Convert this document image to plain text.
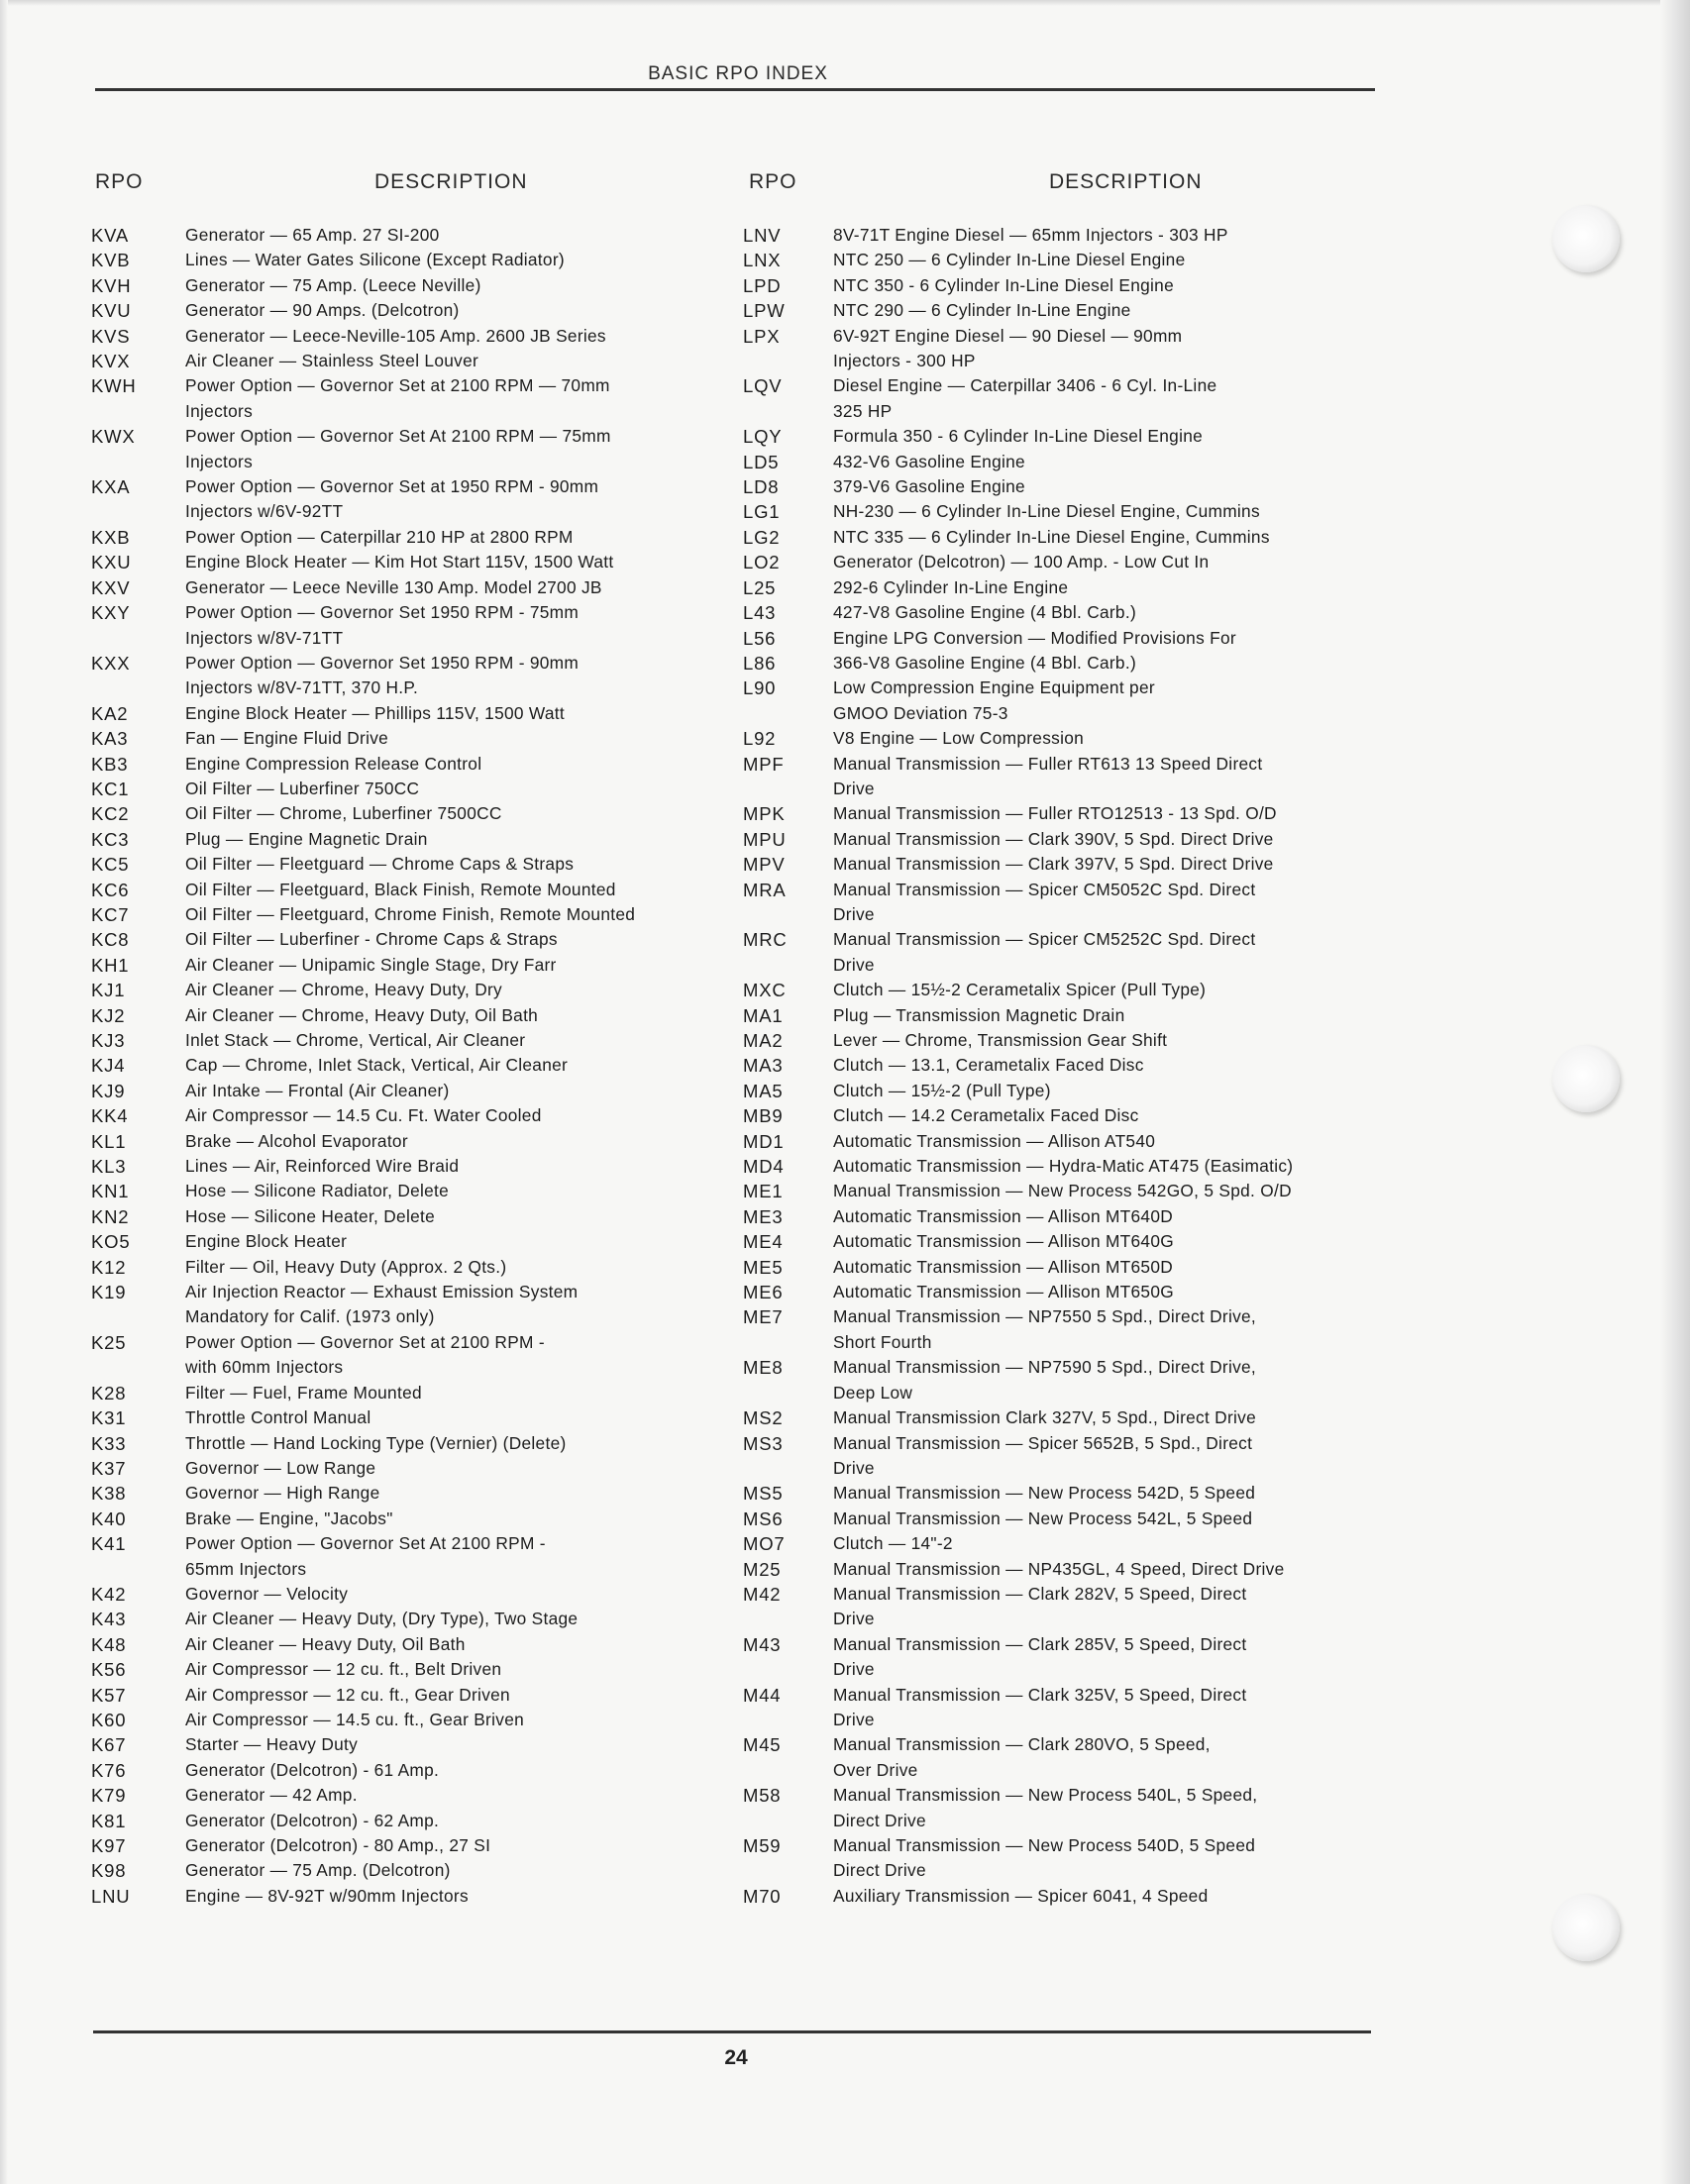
BASIC RPO INDEX
RPO	DESCRIPTION	RPO	DESCRIPTION
KVA	Generator — 65 Amp. 27 SI-200
KVB	Lines — Water Gates Silicone (Except Radiator)
KVH	Generator — 75 Amp. (Leece Neville)
KVU	Generator — 90 Amps. (Delcotron)
KVS	Generator — Leece-Neville-105 Amp. 2600 JB Series
KVX	Air Cleaner — Stainless Steel Louver
KWH	Power Option — Governor Set at 2100 RPM — 70mm
Injectors
KWX	Power Option — Governor Set At 2100 RPM — 75mm
Injectors
KXA	Power Option — Governor Set at 1950 RPM - 90mm
Injectors w/6V-92TT
KXB	Power Option — Caterpillar 210 HP at 2800 RPM
KXU	Engine Block Heater — Kim Hot Start 115V, 1500 Watt
KXV	Generator — Leece Neville 130 Amp. Model 2700 JB
KXY	Power Option — Governor Set 1950 RPM - 75mm
Injectors w/8V-71TT
KXX	Power Option — Governor Set 1950 RPM - 90mm
Injectors w/8V-71TT, 370 H.P.
KA2	Engine Block Heater — Phillips 115V, 1500 Watt
KA3	Fan — Engine Fluid Drive
KB3	Engine Compression Release Control
KC1	Oil Filter — Luberfiner 750CC
KC2	Oil Filter — Chrome, Luberfiner 7500CC
KC3	Plug — Engine Magnetic Drain
KC5	Oil Filter — Fleetguard — Chrome Caps & Straps
KC6	Oil Filter — Fleetguard, Black Finish, Remote Mounted
KC7	Oil Filter — Fleetguard, Chrome Finish, Remote Mounted
KC8	Oil Filter — Luberfiner - Chrome Caps & Straps
KH1	Air Cleaner — Unipamic Single Stage, Dry Farr
KJ1	Air Cleaner — Chrome, Heavy Duty, Dry
KJ2	Air Cleaner — Chrome, Heavy Duty, Oil Bath
KJ3	Inlet Stack — Chrome, Vertical, Air Cleaner
KJ4	Cap — Chrome, Inlet Stack, Vertical, Air Cleaner
KJ9	Air Intake — Frontal (Air Cleaner)
KK4	Air Compressor — 14.5 Cu. Ft. Water Cooled
KL1	Brake — Alcohol Evaporator
KL3	Lines — Air, Reinforced Wire Braid
KN1	Hose — Silicone Radiator, Delete
KN2	Hose — Silicone Heater, Delete
KO5	Engine Block Heater
K12	Filter — Oil, Heavy Duty (Approx. 2 Qts.)
K19	Air Injection Reactor — Exhaust Emission System
Mandatory for Calif. (1973 only)
K25	Power Option — Governor Set at 2100 RPM -
with 60mm Injectors
K28	Filter — Fuel, Frame Mounted
K31	Throttle Control Manual
K33	Throttle — Hand Locking Type (Vernier) (Delete)
K37	Governor — Low Range
K38	Governor — High Range
K40	Brake — Engine, "Jacobs"
K41	Power Option — Governor Set At 2100 RPM -
65mm Injectors
K42	Governor — Velocity
K43	Air Cleaner — Heavy Duty, (Dry Type), Two Stage
K48	Air Cleaner — Heavy Duty, Oil Bath
K56	Air Compressor — 12 cu. ft., Belt Driven
K57	Air Compressor — 12 cu. ft., Gear Driven
K60	Air Compressor — 14.5 cu. ft., Gear Briven
K67	Starter — Heavy Duty
K76	Generator (Delcotron) - 61 Amp.
K79	Generator — 42 Amp.
K81	Generator (Delcotron) - 62 Amp.
K97	Generator (Delcotron) - 80 Amp., 27 SI
K98	Generator — 75 Amp. (Delcotron)
LNU	Engine — 8V-92T w/90mm Injectors
LNV	8V-71T Engine Diesel — 65mm Injectors - 303 HP
LNX	NTC 250 — 6 Cylinder In-Line Diesel Engine
LPD	NTC 350 - 6 Cylinder In-Line Diesel Engine
LPW	NTC 290 — 6 Cylinder In-Line Engine
LPX	6V-92T Engine Diesel — 90 Diesel — 90mm
Injectors - 300 HP
LQV	Diesel Engine — Caterpillar 3406 - 6 Cyl. In-Line
325 HP
LQY	Formula 350 - 6 Cylinder In-Line Diesel Engine
LD5	432-V6 Gasoline Engine
LD8	379-V6 Gasoline Engine
LG1	NH-230 — 6 Cylinder In-Line Diesel Engine, Cummins
LG2	NTC 335 — 6 Cylinder In-Line Diesel Engine, Cummins
LO2	Generator (Delcotron) — 100 Amp. - Low Cut In
L25	292-6 Cylinder In-Line Engine
L43	427-V8 Gasoline Engine (4 Bbl. Carb.)
L56	Engine LPG Conversion — Modified Provisions For
L86	366-V8 Gasoline Engine (4 Bbl. Carb.)
L90	Low Compression Engine Equipment per
GMOO Deviation 75-3
L92	V8 Engine — Low Compression
MPF	Manual Transmission — Fuller RT613 13 Speed Direct
Drive
MPK	Manual Transmission — Fuller RTO12513 - 13 Spd. O/D
MPU	Manual Transmission — Clark 390V, 5 Spd. Direct Drive
MPV	Manual Transmission — Clark 397V, 5 Spd. Direct Drive
MRA	Manual Transmission — Spicer CM5052C Spd. Direct
Drive
MRC	Manual Transmission — Spicer CM5252C Spd. Direct
Drive
MXC	Clutch — 15½-2 Cerametalix Spicer (Pull Type)
MA1	Plug — Transmission Magnetic Drain
MA2	Lever — Chrome, Transmission Gear Shift
MA3	Clutch — 13.1, Cerametalix Faced Disc
MA5	Clutch — 15½-2 (Pull Type)
MB9	Clutch — 14.2 Cerametalix Faced Disc
MD1	Automatic Transmission — Allison AT540
MD4	Automatic Transmission — Hydra-Matic AT475 (Easimatic)
ME1	Manual Transmission — New Process 542GO, 5 Spd. O/D
ME3	Automatic Transmission — Allison MT640D
ME4	Automatic Transmission — Allison MT640G
ME5	Automatic Transmission — Allison MT650D
ME6	Automatic Transmission — Allison MT650G
ME7	Manual Transmission — NP7550 5 Spd., Direct Drive,
Short Fourth
ME8	Manual Transmission — NP7590 5 Spd., Direct Drive,
Deep Low
MS2	Manual Transmission Clark 327V, 5 Spd., Direct Drive
MS3	Manual Transmission — Spicer 5652B, 5 Spd., Direct
Drive
MS5	Manual Transmission — New Process 542D, 5 Speed
MS6	Manual Transmission — New Process 542L, 5 Speed
MO7	Clutch — 14"-2
M25	Manual Transmission — NP435GL, 4 Speed, Direct Drive
M42	Manual Transmission — Clark 282V, 5 Speed, Direct
Drive
M43	Manual Transmission — Clark 285V, 5 Speed, Direct
Drive
M44	Manual Transmission — Clark 325V, 5 Speed, Direct
Drive
M45	Manual Transmission — Clark 280VO, 5 Speed,
Over Drive
M58	Manual Transmission — New Process 540L, 5 Speed,
Direct Drive
M59	Manual Transmission — New Process 540D, 5 Speed
Direct Drive
M70	Auxiliary Transmission — Spicer 6041, 4 Speed
24
